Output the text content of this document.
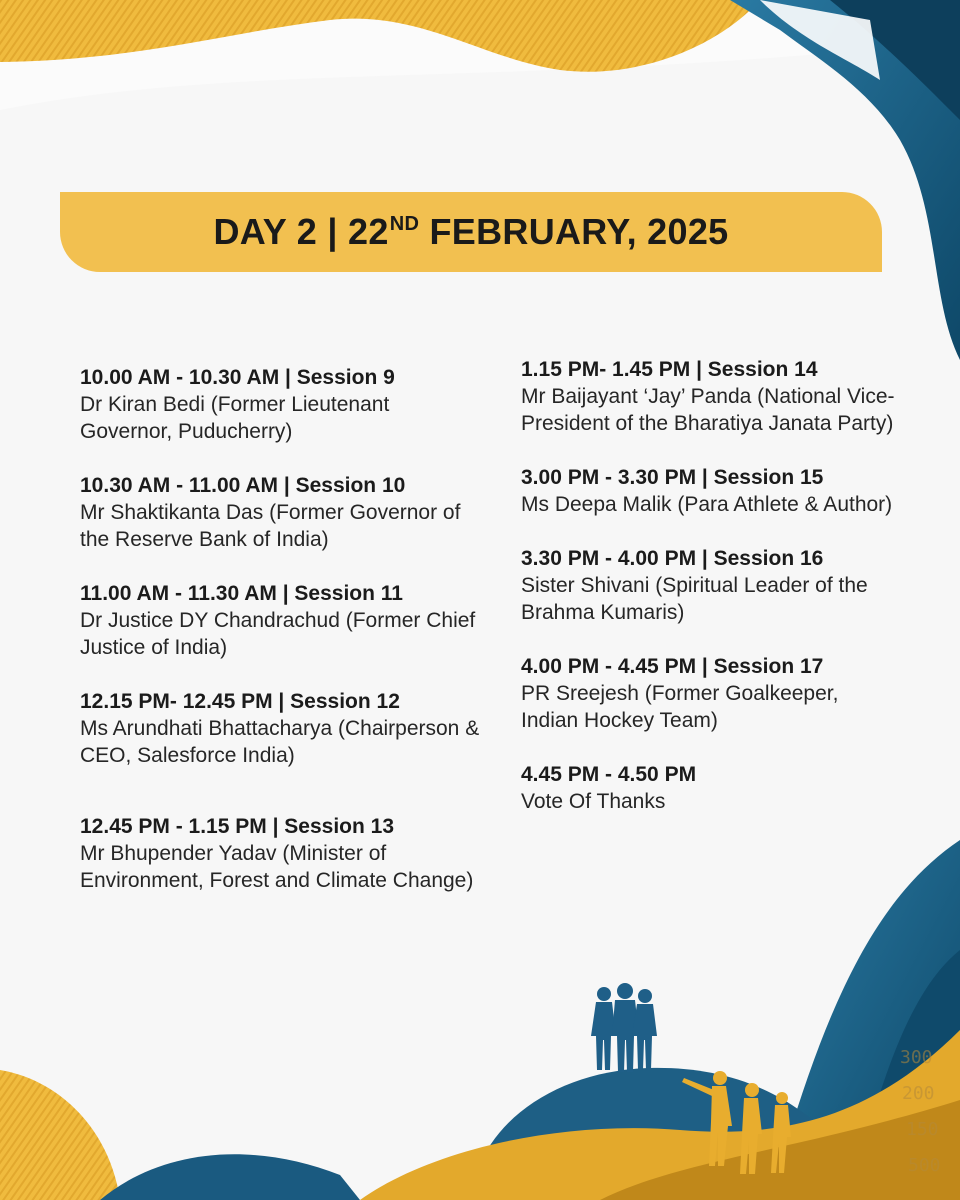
300
200
150
500
DAY 2 | 22ND FEBRUARY, 2025
10.00 AM - 10.30 AM | Session 9
Dr Kiran Bedi (Former Lieutenant Governor, Puducherry)
10.30 AM - 11.00 AM | Session 10
Mr Shaktikanta Das (Former Governor of the Reserve Bank of India)
11.00 AM - 11.30 AM | Session 11
Dr Justice DY Chandrachud (Former Chief Justice of India)
12.15 PM- 12.45 PM | Session 12
Ms Arundhati Bhattacharya (Chairperson & CEO, Salesforce India)
12.45 PM - 1.15 PM | Session 13
Mr Bhupender Yadav (Minister of Environment, Forest and Climate Change)
1.15 PM- 1.45 PM | Session 14
Mr Baijayant ‘Jay’ Panda (National Vice-President of the Bharatiya Janata Party)
3.00 PM - 3.30 PM | Session 15
Ms Deepa Malik (Para Athlete & Author)
3.30 PM - 4.00 PM | Session 16
Sister Shivani (Spiritual Leader of the Brahma Kumaris)
4.00 PM - 4.45 PM | Session 17
PR Sreejesh (Former Goalkeeper, Indian Hockey Team)
4.45 PM - 4.50 PM
Vote Of Thanks
